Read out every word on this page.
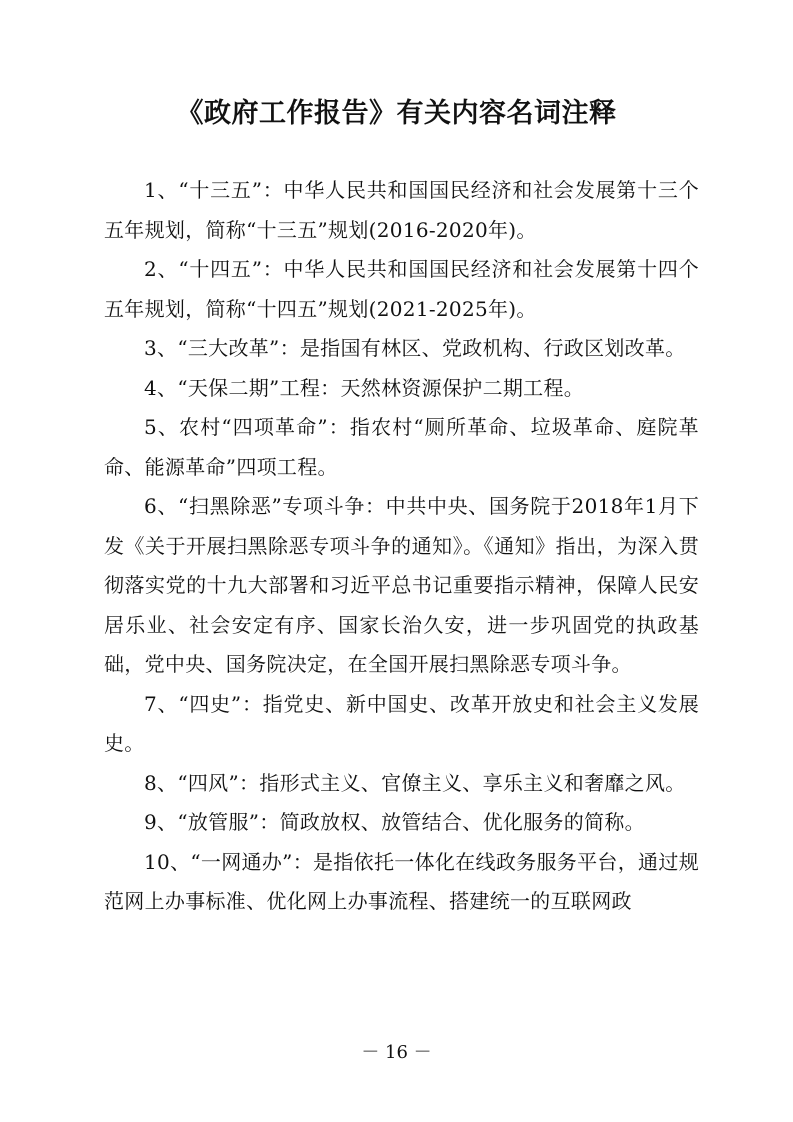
《政府工作报告》有关内容名词注释

1、“十三五”：中华人民共和国国民经济和社会发展第十三个五年规划，简称“十三五”规划(2016-2020年)。

2、“十四五”：中华人民共和国国民经济和社会发展第十四个五年规划，简称“十四五”规划(2021-2025年)。

3、“三大改革”：是指国有林区、党政机构、行政区划改革。

4、“天保二期”工程：天然林资源保护二期工程。

5、农村“四项革命”：指农村“厕所革命、垃圾革命、庭院革命、能源革命”四项工程。

6、“扫黑除恶”专项斗争：中共中央、国务院于2018年1月下发《关于开展扫黑除恶专项斗争的通知》。《通知》指出，为深入贯彻落实党的十九大部署和习近平总书记重要指示精神，保障人民安居乐业、社会安定有序、国家长治久安，进一步巩固党的执政基础，党中央、国务院决定，在全国开展扫黑除恶专项斗争。

7、“四史”：指党史、新中国史、改革开放史和社会主义发展史。

8、“四风”：指形式主义、官僚主义、享乐主义和奢靡之风。

9、“放管服”：简政放权、放管结合、优化服务的简称。

10、“一网通办”：是指依托一体化在线政务服务平台，通过规范网上办事标准、优化网上办事流程、搭建统一的互联网政

－ 16 －
